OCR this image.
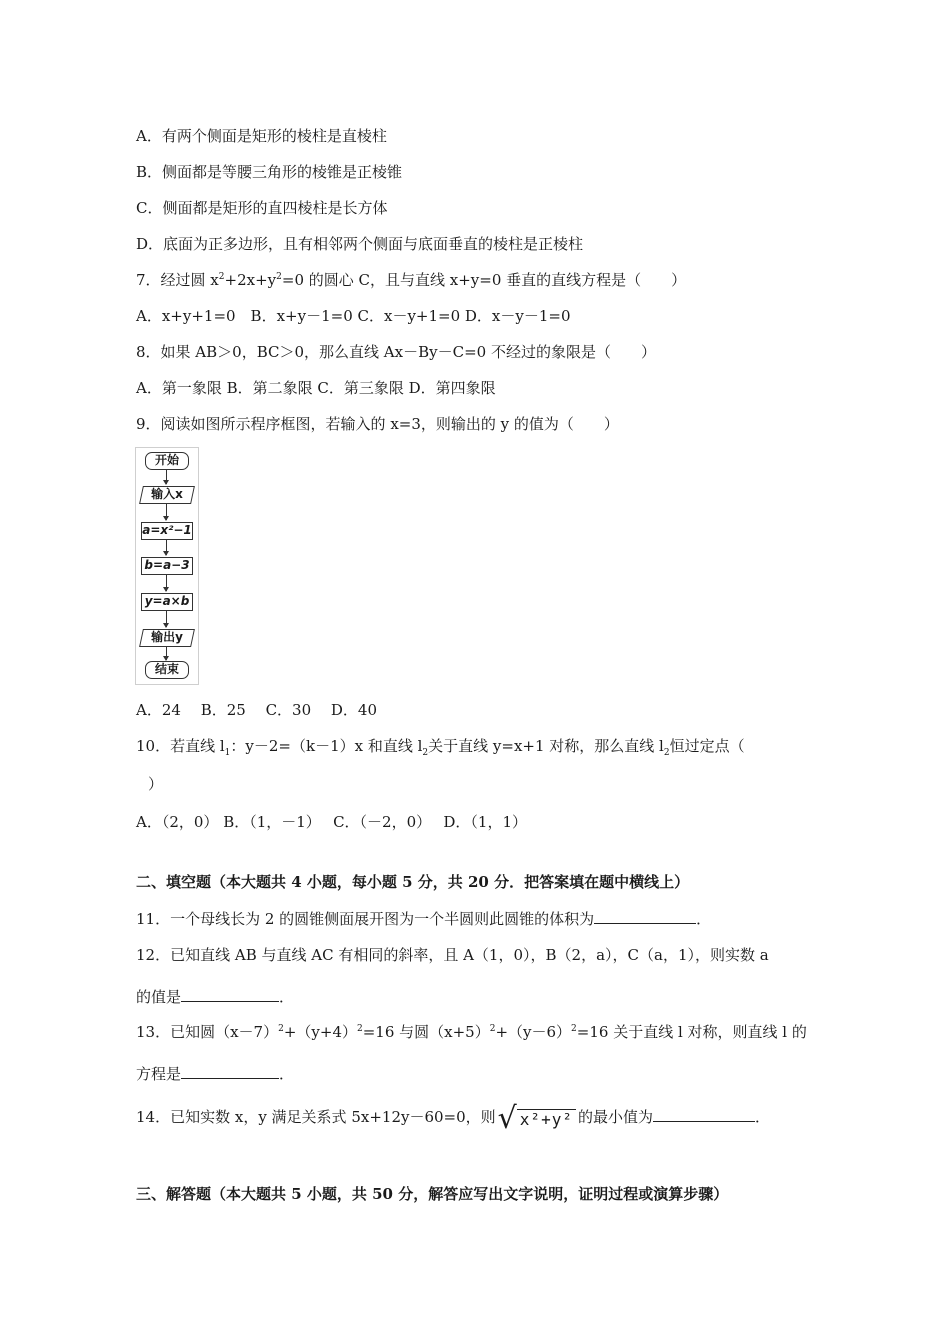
A．有两个侧面是矩形的棱柱是直棱柱
B．侧面都是等腰三角形的棱锥是正棱锥
C．侧面都是矩形的直四棱柱是长方体
D．底面为正多边形，且有相邻两个侧面与底面垂直的棱柱是正棱柱
7．经过圆 $x^2+2x+y^2=0$ 的圆心 C，且与直线 x+y=0 垂直的直线方程是（　　）
A．x+y+1=0　B．x+y－1=0 C．x－y+1=0 D．x－y－1=0
8．如果 AB＞0，BC＞0，那么直线 Ax－By－C=0 不经过的象限是（　　）
A．第一象限 B．第二象限 C．第三象限 D．第四象限
9．阅读如图所示程序框图，若输入的 x=3，则输出的 y 的值为（　　）
开始
输入x
a=x²−1
b=a−3
y=a×b
输出y
结束
A．24　 B．25　 C．30　 D．40
10．若直线 $l_1$：y－2=（k－1）x 和直线 $l_2$关于直线 y=x+1 对称，那么直线 $l_2$恒过定点（
）
A．（2，0） B．（1，－1）　 C．（－2，0）　 D．（1，1）
二、填空题（本大题共 4 小题，每小题 5 分，共 20 分．把答案填在题中横线上）
11．一个母线长为 2 的圆锥侧面展开图为一个半圆则此圆锥的体积为	．
12．已知直线 AB 与直线 AC 有相同的斜率，且 A（1，0），B（2，a），C（a，1），则实数 a
的值是	．
13．已知圆$(x-7)^2+(y+4)^2=16$ 与圆$(x+5)^2+(y-6)^2=16$ 关于直线 l 对称，则直线 l 的
方程是	．
14．已知实数 x，y 满足关系式 5x+12y－60=0，则√ x²+y² 的最小值为	．
三、解答题（本大题共 5 小题，共 50 分，解答应写出文字说明，证明过程或演算步骤）
